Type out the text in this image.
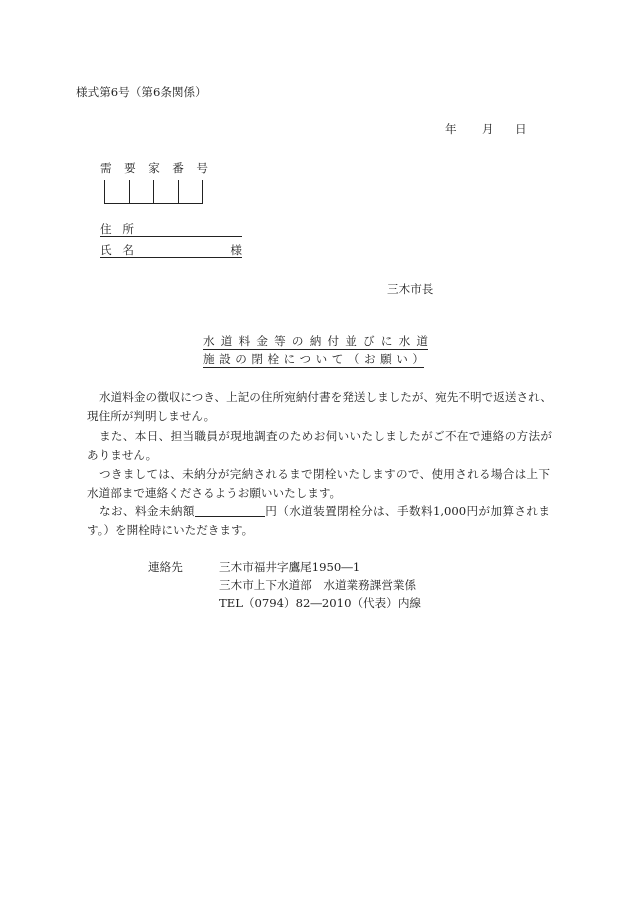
様式第6号（第6条関係）
年 月 日
需要家番号
住所
氏名	様
三木市長
水道料金等の納付並びに水道
施設の閉栓について（お願い）
水道料金の徴収につき、上記の住所宛納付書を発送しましたが、宛先不明で返送され、
現住所が判明しません。
また、本日、担当職員が現地調査のためお伺いいたしましたがご不在で連絡の方法が
ありません。
つきましては、未納分が完納されるまで閉栓いたしますので、使用される場合は上下
水道部まで連絡くださるようお願いいたします。
なお、料金未納額	円（水道装置閉栓分は、手数料1,000円が加算されま
す。）を開栓時にいただきます。
連絡先	三木市福井字鷹尾1950―1
三木市上下水道部　水道業務課営業係
TEL（0794）82―2010（代表）内線
